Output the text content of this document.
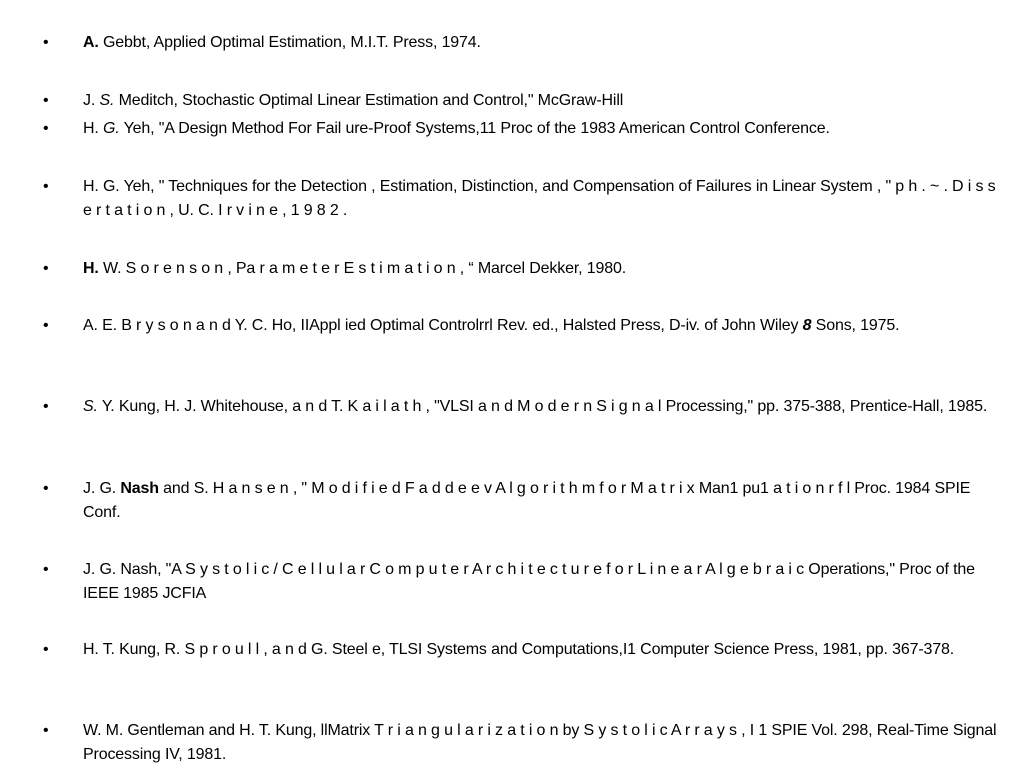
• A. Gebbt, Applied Optimal Estimation, M.I.T. Press, 1974.
• J. S. Meditch, Stochastic Optimal Linear Estimation and Control," McGraw-Hill
• H. G. Yeh, "A Design Method For Fail ure-Proof Systems,11 Proc of the 1983 American Control Conference.
• H. G. Yeh, " Techniques for the Detection , Estimation, Distinction, and Compensation of Failures in Linear System , " p h . ~ . D i s s e r t a t i o n , U. C. I r v i n e , 1 9 8 2 .
• H. W. S o r e n s o n , Pa r a m e t e r E s t i m a t i o n , “ Marcel Dekker, 1980.
• A. E. B r y s o n a n d Y. C. Ho, IIAppl ied Optimal Controlrrl Rev. ed., Halsted Press, D-iv. of John Wiley 8 Sons, 1975.
• S. Y. Kung, H. J. Whitehouse, a n d T. K a i l a t h , "VLSI a n d M o d e r n S i g n a l Processing," pp. 375-388, Prentice-Hall, 1985.
• J. G. Nash and S. H a n s e n , " M o d i f i e d F a d d e e v A l g o r i t h m f o r M a t r i x Man1 pu1 a t i o n r f l Proc. 1984 SPIE Conf.
• J. G. Nash, "A S y s t o l i c / C e l l u l a r C o m p u t e r A r c h i t e c t u r e f o r L i n e a r A l g e b r a i c Operations," Proc of the IEEE 1985 JCFIA
• H. T. Kung, R. S p r o u l l , a n d G. Steel e, TLSI Systems and Computations,I1 Computer Science Press, 1981, pp. 367-378.
• W. M. Gentleman and H. T. Kung, llMatrix T r i a n g u l a r i z a t i o n by S y s t o l i c A r r a y s , I 1 SPIE Vol. 298, Real-Time Signal Processing IV, 1981.
